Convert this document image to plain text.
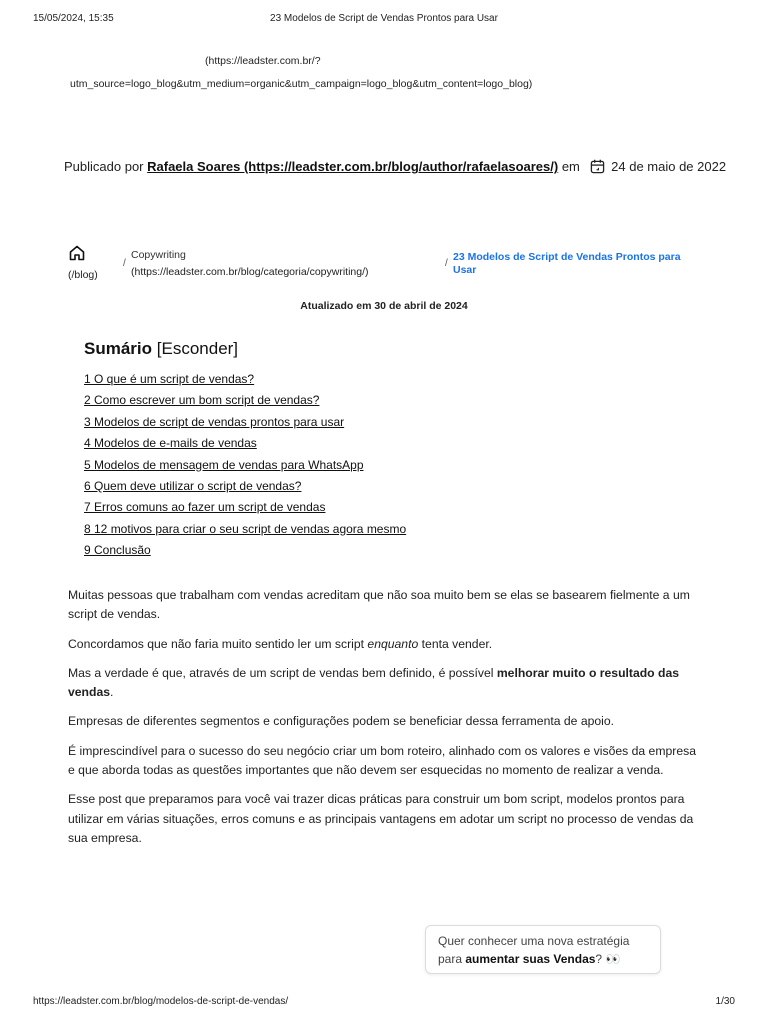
15/05/2024, 15:35	23 Modelos de Script de Vendas Prontos para Usar
(https://leadster.com.br/?
utm_source=logo_blog&utm_medium=organic&utm_campaign=logo_blog&utm_content=logo_blog)
Publicado por Rafaela Soares (https://leadster.com.br/blog/author/rafaelasoares/) em 24 de maio de 2022
(/blog)
/
Copywriting
(https://leadster.com.br/blog/categoria/copywriting/)
/
23 Modelos de Script de Vendas Prontos para Usar
Atualizado em 30 de abril de 2024
Sumário [Esconder]
1 O que é um script de vendas?
2 Como escrever um bom script de vendas?
3 Modelos de script de vendas prontos para usar
4 Modelos de e-mails de vendas
5 Modelos de mensagem de vendas para WhatsApp
6 Quem deve utilizar o script de vendas?
7 Erros comuns ao fazer um script de vendas
8 12 motivos para criar o seu script de vendas agora mesmo
9 Conclusão

Muitas pessoas que trabalham com vendas acreditam que não soa muito bem se elas se basearem fielmente a um script de vendas.

Concordamos que não faria muito sentido ler um script enquanto tenta vender.

Mas a verdade é que, através de um script de vendas bem definido, é possível melhorar muito o resultado das vendas.

Empresas de diferentes segmentos e configurações podem se beneficiar dessa ferramenta de apoio.

É imprescindível para o sucesso do seu negócio criar um bom roteiro, alinhado com os valores e visões da empresa e que aborda todas as questões importantes que não devem ser esquecidas no momento de realizar a venda.

Esse post que preparamos para você vai trazer dicas práticas para construir um bom script, modelos prontos para utilizar em várias situações, erros comuns e as principais vantagens em adotar um script no processo de vendas da sua empresa.

Quer conhecer uma nova estratégia
para aumentar suas Vendas? 👀
https://leadster.com.br/blog/modelos-de-script-de-vendas/	1/30
